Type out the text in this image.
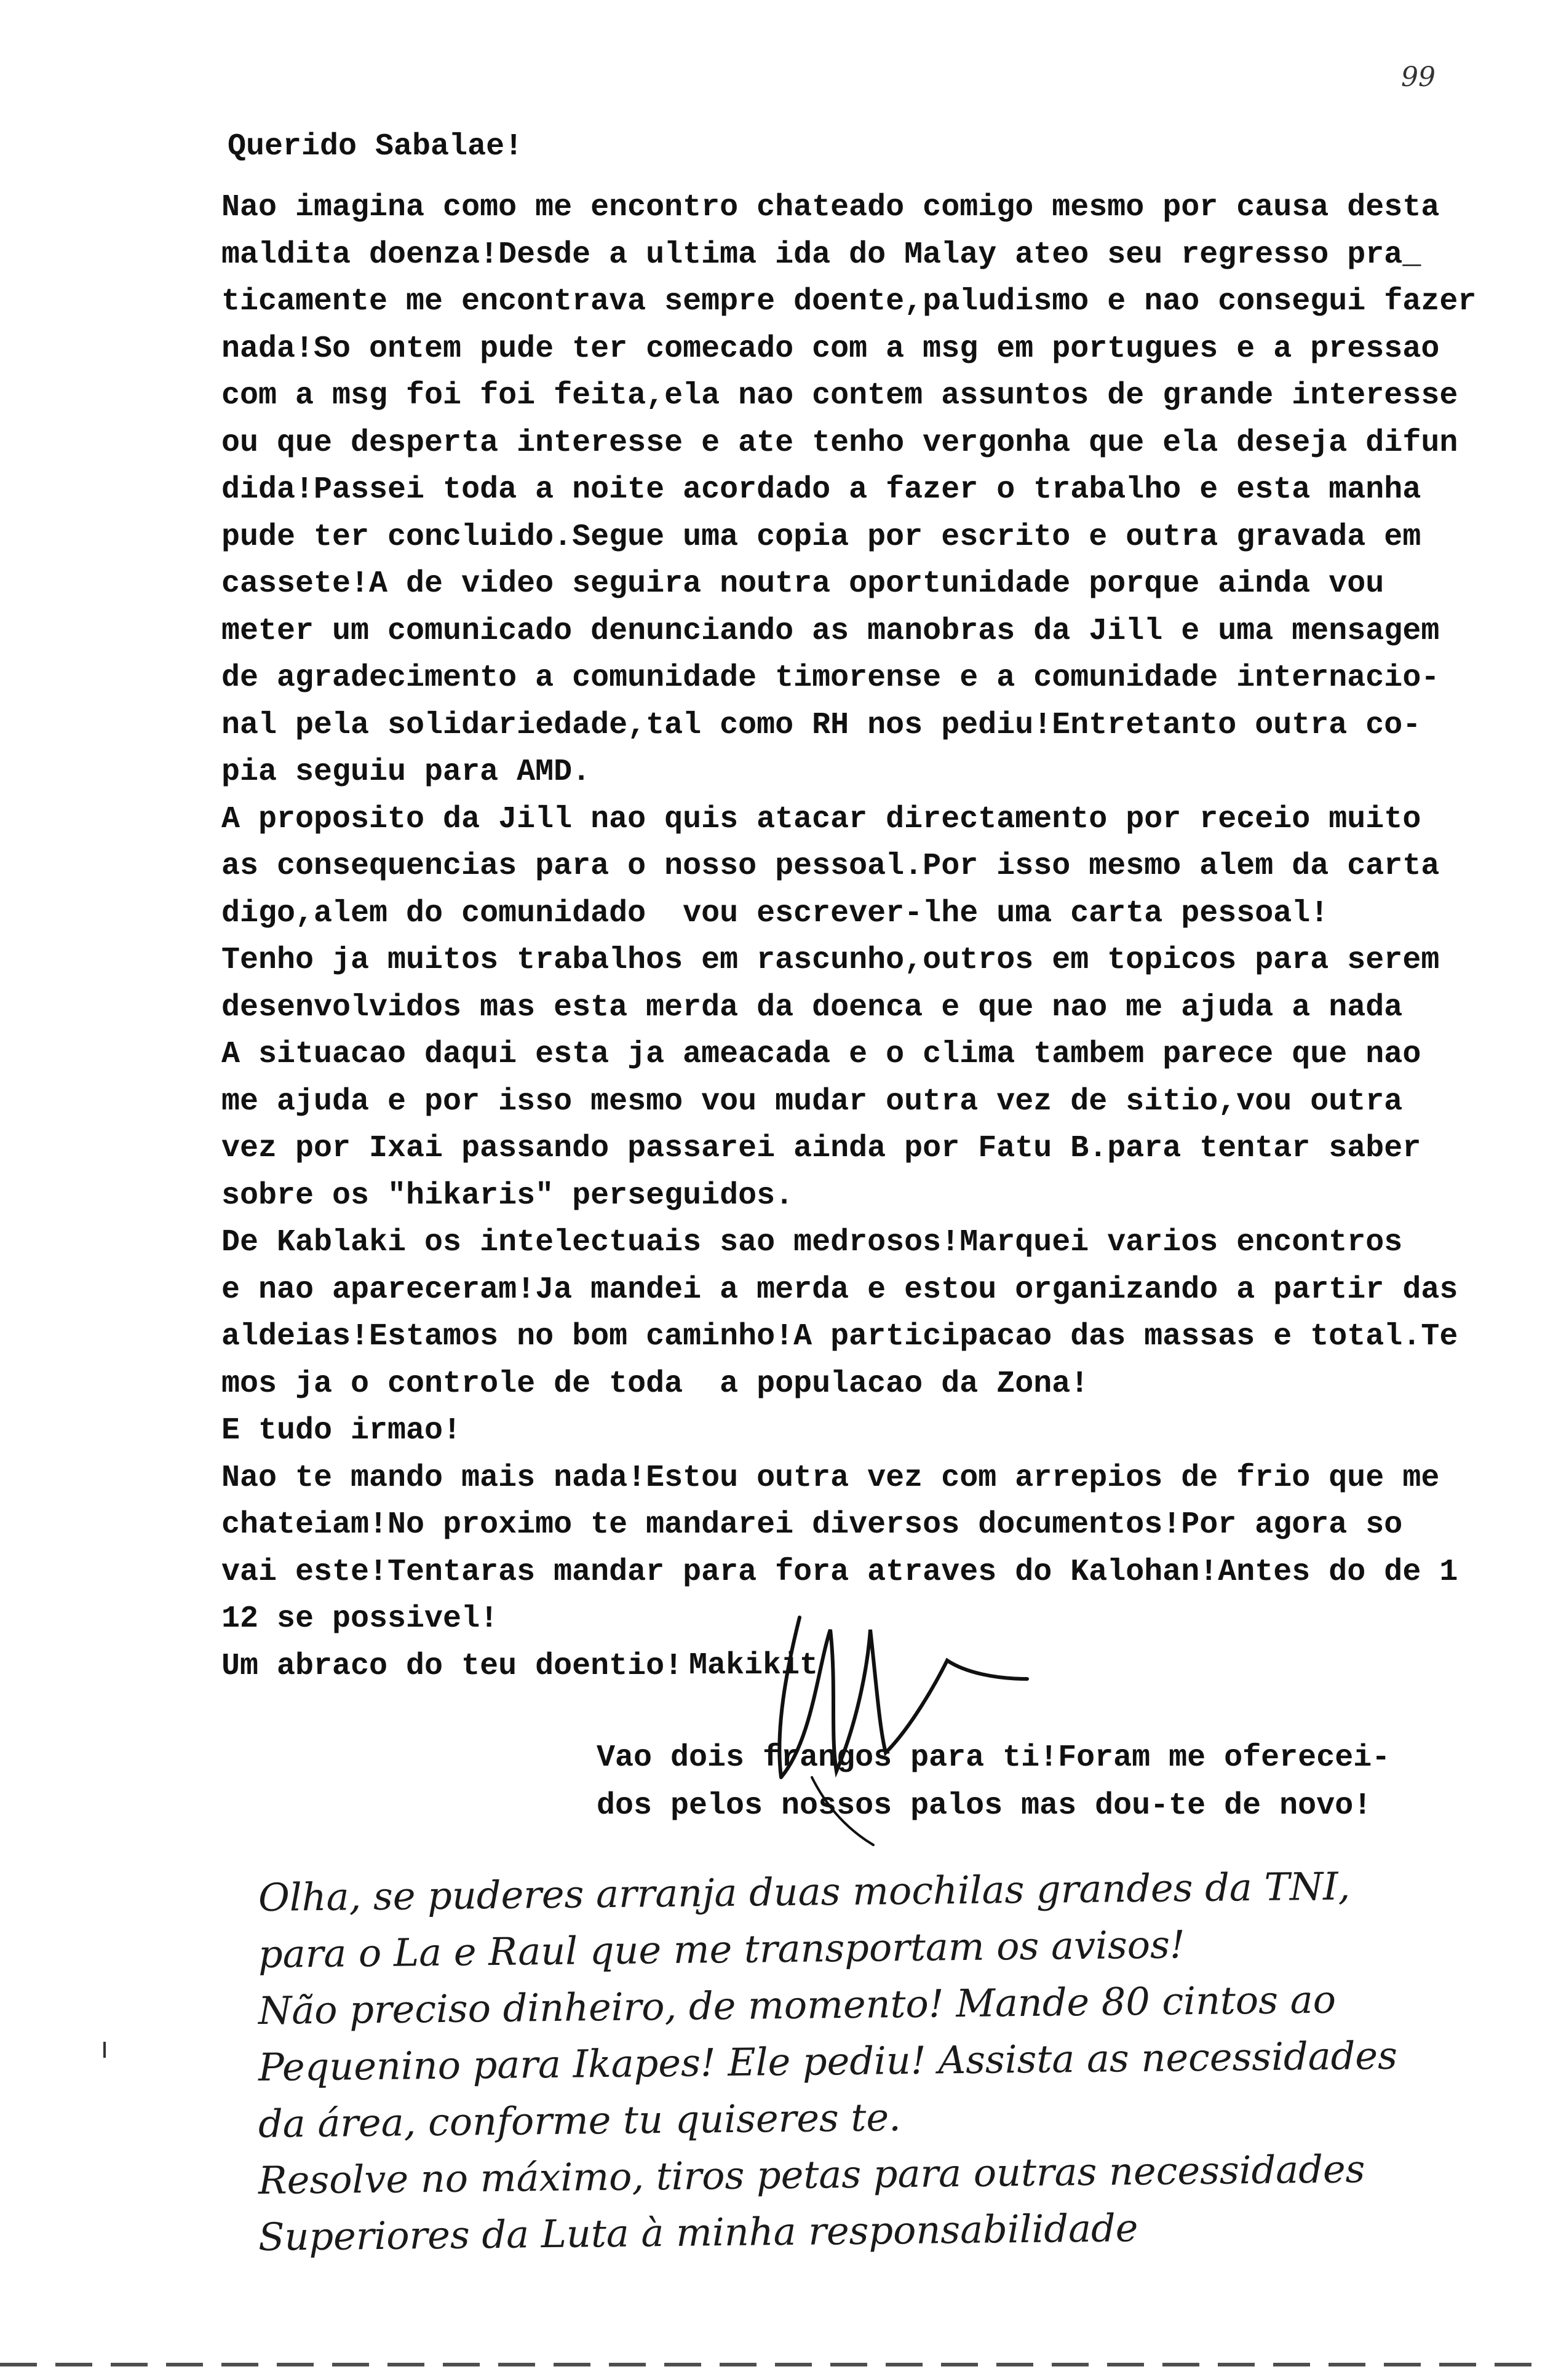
99
Querido Sabalae!
Nao imagina como me encontro chateado comigo mesmo por causa desta
maldita doenza!Desde a ultima ida do Malay ateo seu regresso pra_
ticamente me encontrava sempre doente,paludismo e nao consegui fazer
nada!So ontem pude ter comecado com a msg em portugues e a pressao
com a msg foi foi feita,ela nao contem assuntos de grande interesse
ou que desperta interesse e ate tenho vergonha que ela deseja difun
dida!Passei toda a noite acordado a fazer o trabalho e esta manha
pude ter concluido.Segue uma copia por escrito e outra gravada em
cassete!A de video seguira noutra oportunidade porque ainda vou
meter um comunicado denunciando as manobras da Jill e uma mensagem
de agradecimento a comunidade timorense e a comunidade internacio-
nal pela solidariedade,tal como RH nos pediu!Entretanto outra co-
pia seguiu para AMD.
A proposito da Jill nao quis atacar directamento por receio muito
as consequencias para o nosso pessoal.Por isso mesmo alem da carta
digo,alem do comunidado  vou escrever-lhe uma carta pessoal!
Tenho ja muitos trabalhos em rascunho,outros em topicos para serem
desenvolvidos mas esta merda da doenca e que nao me ajuda a nada
A situacao daqui esta ja ameacada e o clima tambem parece que nao
me ajuda e por isso mesmo vou mudar outra vez de sitio,vou outra
vez por Ixai passando passarei ainda por Fatu B.para tentar saber
sobre os "hikaris" perseguidos.
De Kablaki os intelectuais sao medrosos!Marquei varios encontros
e nao apareceram!Ja mandei a merda e estou organizando a partir das
aldeias!Estamos no bom caminho!A participacao das massas e total.Te
mos ja o controle de toda  a populacao da Zona!
E tudo irmao!
Nao te mando mais nada!Estou outra vez com arrepios de frio que me
chateiam!No proximo te mandarei diversos documentos!Por agora so
vai este!Tentaras mandar para fora atraves do Kalohan!Antes do de 1
12 se possivel!
Um abraco do teu doentio! Makikit
Vao dois frangos para ti!Foram me oferecei-
dos pelos nossos palos mas dou-te de novo!
Olha, se puderes arranja duas mochilas grandes da TNI,
para o La e Raul que me transportam os avisos!
Não preciso dinheiro, de momento! Mande 80 cintos ao
Pequenino para Ikapes! Ele pediu! Assista as necessidades
da área, conforme tu quiseres te.
Resolve no máximo, tiros petas para outras necessidades
Superiores da Luta à minha responsabilidade
